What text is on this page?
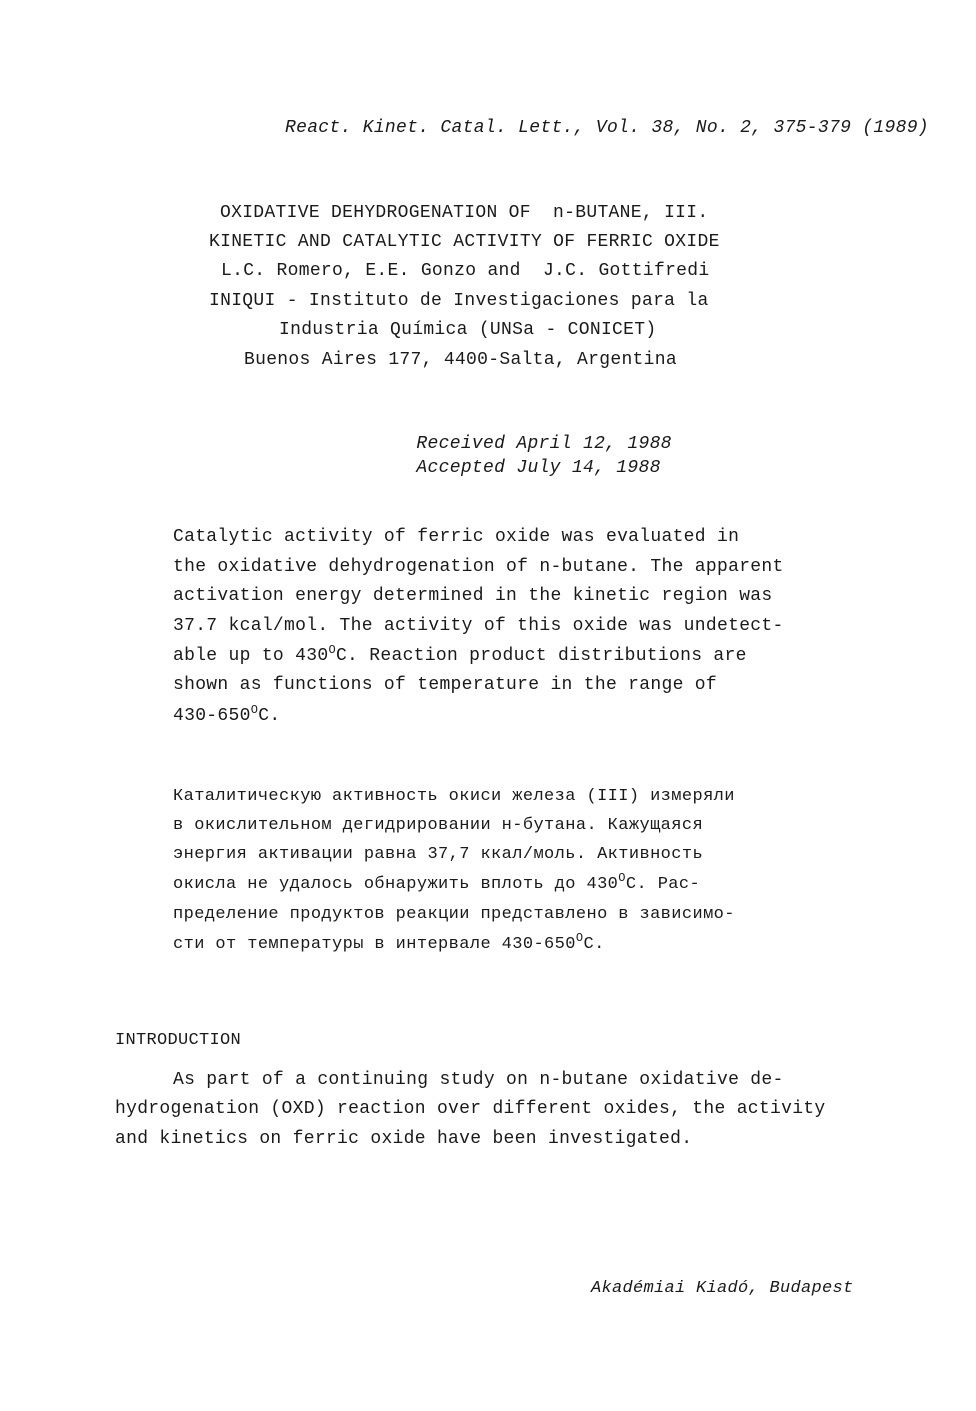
React. Kinet. Catal. Lett., Vol. 38, No. 2, 375-379 (1989)
OXIDATIVE DEHYDROGENATION OF  n-BUTANE, III.
KINETIC AND CATALYTIC ACTIVITY OF FERRIC OXIDE
L.C. Romero, E.E. Gonzo and  J.C. Gottifredi
INIQUI - Instituto de Investigaciones para la
Industria Química (UNSa - CONICET)
Buenos Aires 177, 4400-Salta, Argentina

Received April 12, 1988

Accepted July 14, 1988

Catalytic activity of ferric oxide was evaluated in
the oxidative dehydrogenation of n-butane. The apparent
activation energy determined in the kinetic region was
37.7 kcal/mol. The activity of this oxide was undetect-
able up to $430^OC$. Reaction product distributions are
shown as functions of temperature in the range of
$430-650^OC$.
Каталитическую активность окиси железа (III) измеряли
в окислительном дегидрировании н-бутана. Кажущаяся
энергия активации равна 37,7 ккал/моль. Активность
окисла не удалось обнаружить вплоть до $430^OC$. Рас-
пределение продуктов реакции представлено в зависимо-
сти от температуры в интервале $430-650^OC$.
INTRODUCTION
As part of a continuing study on n-butane oxidative de-
hydrogenation (OXD) reaction over different oxides, the activity
and kinetics on ferric oxide have been investigated.
Akadémiai Kiadó, Budapest
